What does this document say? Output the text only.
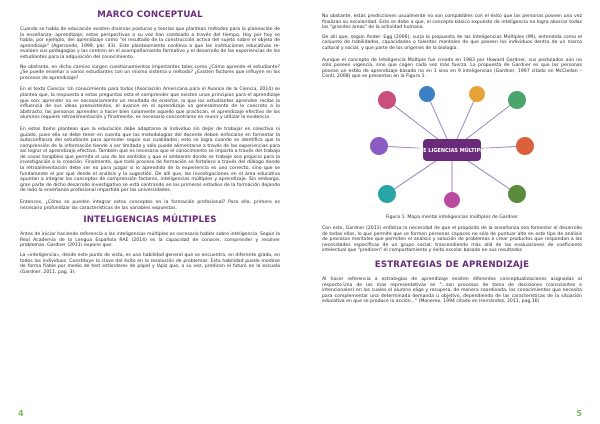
MARCO CONCEPTUAL

Cuando se habla de educación existen diversas posturas y teorías que plantean métodos para la planeación de la enseñanza- aprendizaje; estas perspectivas a su vez han cambiado a través del tiempo. Hoy por hoy se habla; por ejemplo, del aprendizaje como "el resultado de la construcción activa del sujeto sobre el objeto de aprendizaje" (Agerrondo, 1999, pár. 43). Este planteamiento conlleva a que las instituciones educativas re-evalúen sus pedagogías y las centren en el acompañamiento formativo y el desarrollo de las experiencias de los estudiantes para la adquisición del conocimiento.

No obstante, en dicho camino surgen cuestionamientos importantes tales como ¿Cómo aprende el estudiante? ¿Se puede enseñar a varios estudiantes con un mismo sistema o método? ¿Existen factores que influyen en los procesos de aprendizaje?

En el texto Ciencia: Un conocimiento para todos (Asociación Americana para el Avance de la Ciencia, 2014) se plantea que, la respuesta a estas preguntas está el comprender que existen unos principios para el aprendizaje que son: aprender no es necesariamente un resultado de enseñar, lo que los estudiantes aprenden recibe la influencia de sus ideas preexistentes, el avance en el aprendizaje va generalmente de lo concreto a lo abstracto, las personas aprenden a hacer bien solamente aquello que practican, el aprendizaje efectivo de los alumnos requiere retroalimentación y finalmente, es necesario concentrarse en reunir y utilizar la evidencia.

En estos ítems plantean que la educación debe adaptarse al individuo sin dejar de trabajar en colectivo ni guiado, pues ello se debe tener en cuenta que las metodologías del docente deben enfocarse en fomentar la autoconfianza del estudiante para aprender según sus cualidades; esto se logra cuando se identifica que la comprensión de la información tiende a ser limitada y sólo puede alimentarse a través de las experiencias para así lograr el aprendizaje efectivo. También que es necesario que el conocimiento se imparta a través del trabajo de cosas tangibles que permita el uso de los sentidos y que el ambiente donde se trabaje sea propicio para la investigación o la creación. Finalmente, que todo proceso de formación se fortalece a través del diálogo donde la retroalimentación debe ser no para juzgar si lo aprendido de la experiencia es uno correcto, sino que se fundamente el por qué desde el análisis y la sugestión. De allí que, las investigaciones en el área educativa apuntan a integrar los conceptos de comprensión factores, inteligencias múltiples y aprendizaje. Sin embargo, gran parte de dicho desarrollo investigativo se está centrando en los primeros estadios de la formación dejando de lado la enseñanza profesional impartida por las universidades.

Entonces, ¿Cómo se pueden integrar estos conceptos en la formación profesional? Para ello, primero es necesario profundizar las características de las variables expuestas.

INTELIGENCIAS MÚLTIPLES

Antes de iniciar haciendo referencia a las inteligencias múltiples es necesario hablar sobre inteligencia. Según la Real Academia de la Lengua Española RAE (2014) es la capacidad de conocer, comprender y resolver problemas. Gardner (2011) expone que:

La «inteligencia», desde este punto de vista, es una habilidad general que se encuentra, en diferente grado, en todos los individuos. Constituye la clave del éxito en la resolución de problemas. Esta habilidad puede medirse de forma fiable por medio de test estándares de papel y lápiz que, a su vez, predicen el futuro en la escuela (Gardner, 2011, pag. 3).

4

No obstante, estas predicciones usualmente no son compatibles con el éxito que las personas poseen una vez finalizan su escolaridad. Esto se debe a que, el concepto básico expuesto de inteligencia no logra abarcar todas las "grandes áreas" de la actividad humana.

De allí que, según Ander- Egg (2006), surja la propuesta de las Inteligencias Múltiples (IM), entendida como el conjunto de habilidades, capacidades o talentos mentales de que poseen los individuos dentro de un marco cultural y social, y que parte de los orígenes de la biología.

Aunque el concepto de Inteligencia Múltiple fue creado en 1983 por Howard Gardner, sus postulados aún no sólo poseen vigencia, sino que cogen cada vez más fuerza. La propuesta de Gardner es que las personas posean un estilo de aprendizaje basado no en 1 sino en 9 inteligencias (Gardner, 1997 citado en McClellan – Conti, 2008) que se presentan en la Figura 1.

INTE LIGENCIAS MÚLTIPLES
Figura 1. Mapa mental inteligencias múltiples de Gardner

Con esto, Gardner (2011) enfatiza la necesidad de que el propósito de la enseñanza sea fomentar el desarrollo de todas ellas, lo que permite que se formen personas capaces no sólo de puntuar alto en este tipo de análisis de procesos mentales que permiten el análisis y solución de problemas o crear productos que respondan a las necesidades específicas de un grupo social; trascendiendo más allá de las evaluaciones de coeficiente intelectual que "predicen" el comportamiento y éxito escolar basado en sus resultados

ESTRATEGIAS DE APRENDIZAJE

Al hacer referencia a estrategias de aprendizaje existen diferentes conceptualizaciones asignadas al respecto.Una de las mas representativas es "...son procesos de toma de decisiones (conscientes e intencionales) en los cuales el alumno elige y recupera, de manera coordinada, los conocimientos que necesita para complementar una determinada demanda u objetivo, dependiendo de las características de la situación educativa en que se produce la acción..." (Monereo, 1994 citado en Hernández, 2011, pag.16)

5
